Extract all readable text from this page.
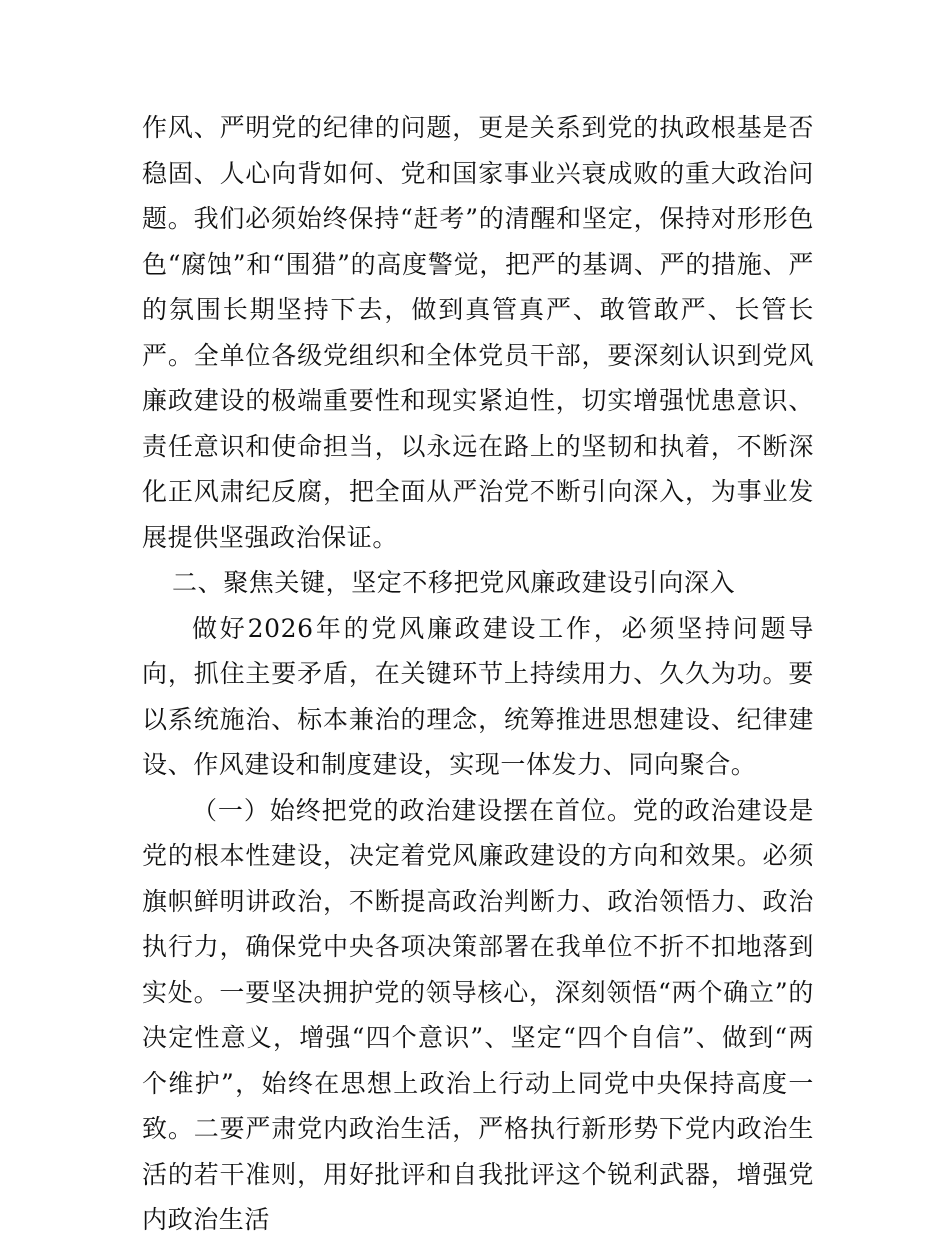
作风、严明党的纪律的问题，更是关系到党的执政根基是否稳固、人心向背如何、党和国家事业兴衰成败的重大政治问题。我们必须始终保持“赶考”的清醒和坚定，保持对形形色色“腐蚀”和“围猎”的高度警觉，把严的基调、严的措施、严的氛围长期坚持下去，做到真管真严、敢管敢严、长管长严。全单位各级党组织和全体党员干部，要深刻认识到党风廉政建设的极端重要性和现实紧迫性，切实增强忧患意识、责任意识和使命担当，以永远在路上的坚韧和执着，不断深化正风肃纪反腐，把全面从严治党不断引向深入，为事业发展提供坚强政治保证。

二、聚焦关键，坚定不移把党风廉政建设引向深入

做好2026年的党风廉政建设工作，必须坚持问题导向，抓住主要矛盾，在关键环节上持续用力、久久为功。要以系统施治、标本兼治的理念，统筹推进思想建设、纪律建设、作风建设和制度建设，实现一体发力、同向聚合。

（一）始终把党的政治建设摆在首位。党的政治建设是党的根本性建设，决定着党风廉政建设的方向和效果。必须旗帜鲜明讲政治，不断提高政治判断力、政治领悟力、政治执行力，确保党中央各项决策部署在我单位不折不扣地落到实处。一要坚决拥护党的领导核心，深刻领悟“两个确立”的决定性意义，增强“四个意识”、坚定“四个自信”、做到“两个维护”，始终在思想上政治上行动上同党中央保持高度一致。二要严肃党内政治生活，严格执行新形势下党内政治生活的若干准则，用好批评和自我批评这个锐利武器，增强党内政治生活
